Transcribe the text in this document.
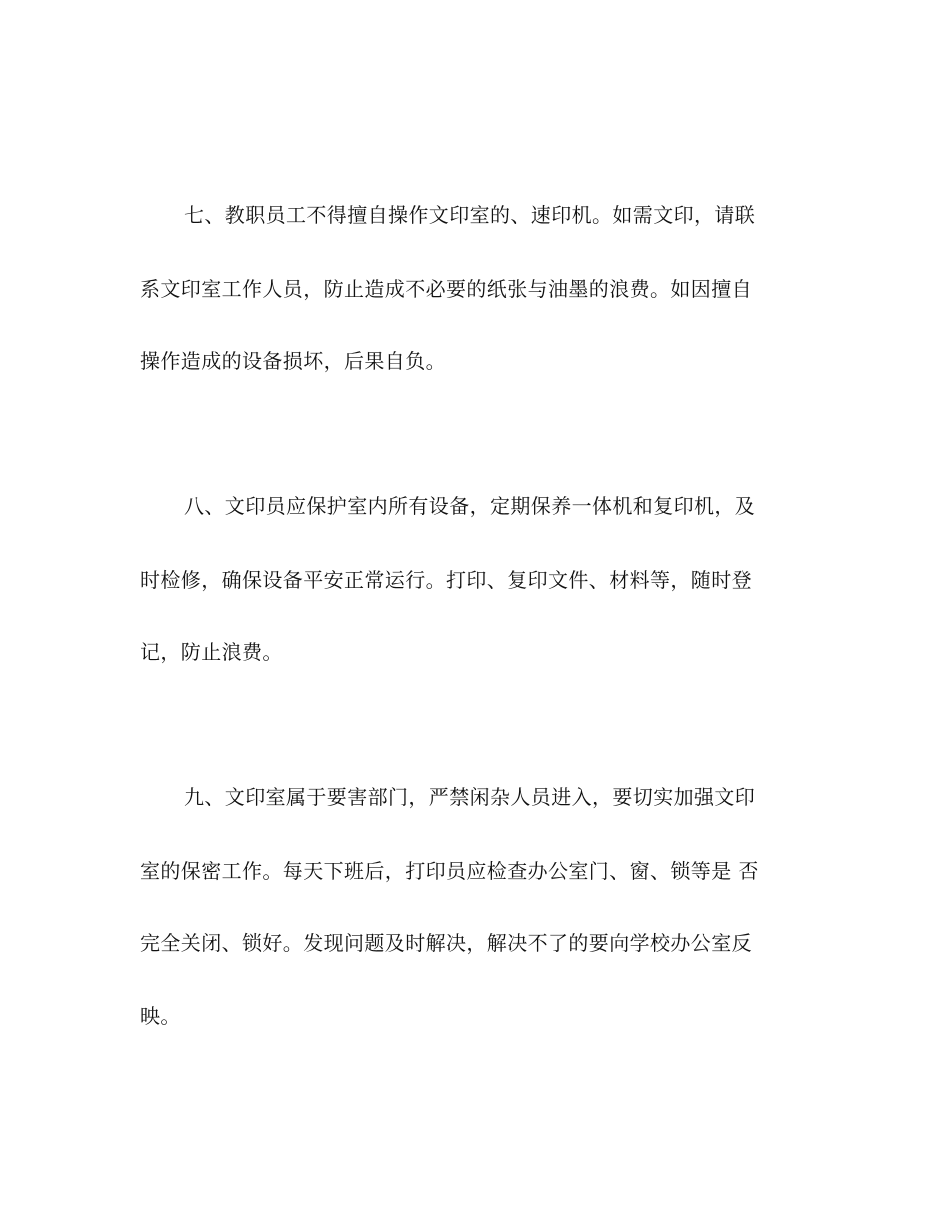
七、教职员工不得擅自操作文印室的、速印机。如需文印，请联
系文印室工作人员，防止造成不必要的纸张与油墨的浪费。如因擅自
操作造成的设备损坏，后果自负。
八、文印员应保护室内所有设备，定期保养一体机和复印机，及
时检修，确保设备平安正常运行。打印、复印文件、材料等，随时登
记，防止浪费。
九、文印室属于要害部门，严禁闲杂人员进入，要切实加强文印
室的保密工作。每天下班后，打印员应检查办公室门、窗、锁等是 否
完全关闭、锁好。发现问题及时解决，解决不了的要向学校办公室反
映。
